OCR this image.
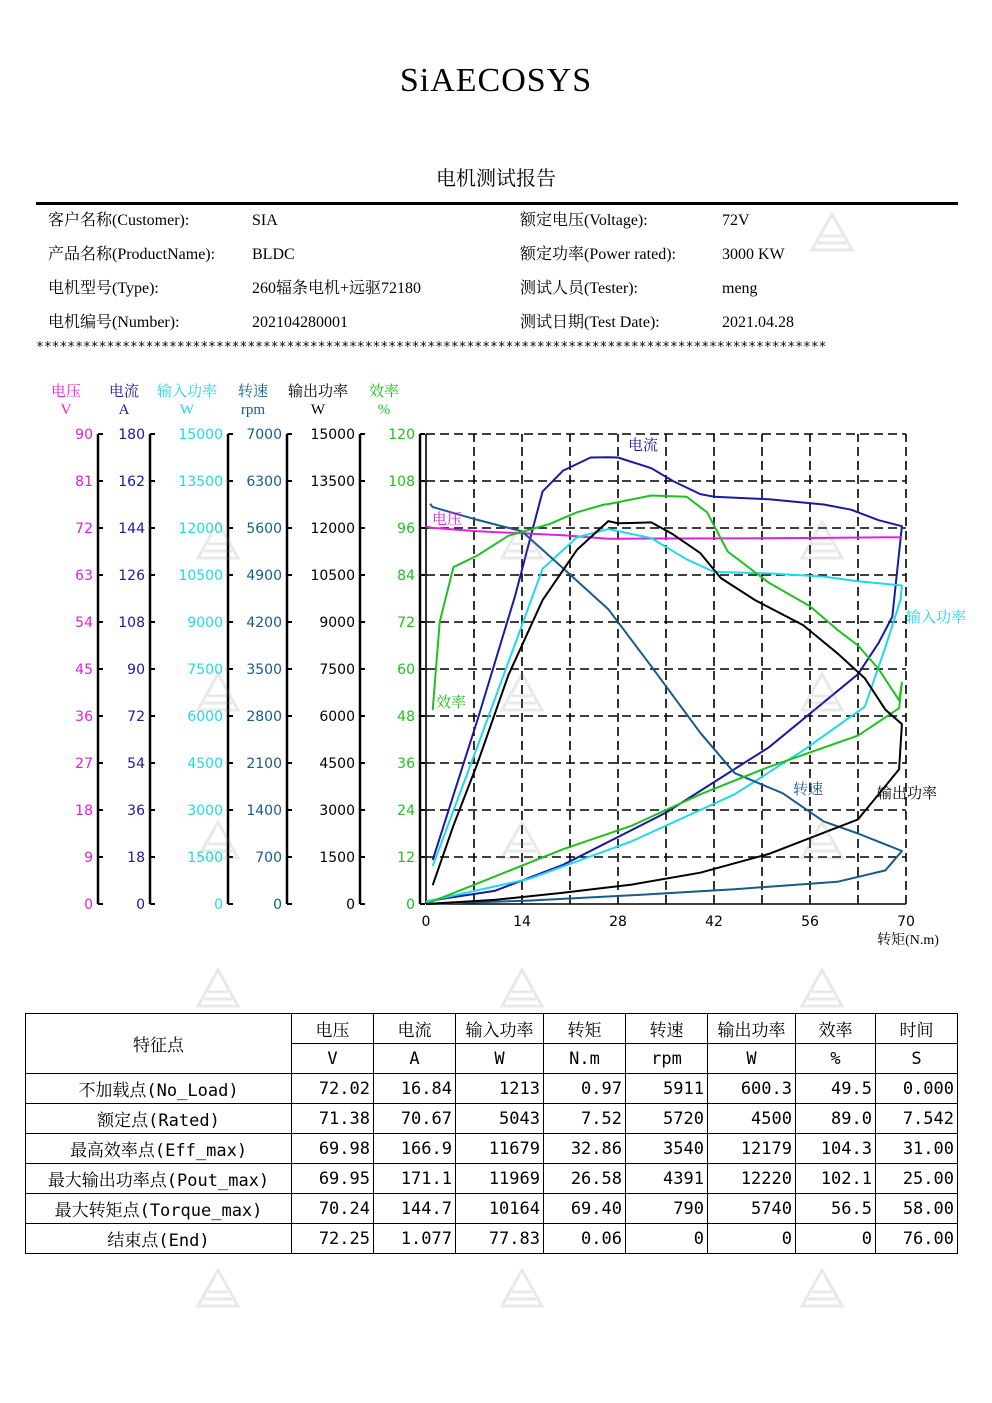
SiAECOSYS
电机测试报告
客户名称(Customer):	SIA	额定电压(Voltage):	72V
产品名称(ProductName): BLDC	额定功率(Power rated):	3000 KW
电机型号(Type):	260辐条电机+远驱72180	测试人员(Tester):	meng
电机编号(Number):	202104280001	测试日期(Test Date):	2021.04.28
*****************************************************************************************************
90
81
72
63
54
45
36
27
18
9
0
电压
V
180
162
144
126
108
90
72
54
36
18
0
电流
A
15000
13500
12000
10500
9000
7500
6000
4500
3000
1500
0
输入功率
W
7000
6300
5600
4900
4200
3500
2800
2100
1400
700
0
转速
rpm
15000
13500
12000
10500
9000
7500
6000
4500
3000
1500
0
输出功率
W
120
108
96
84
72
60
48
36
24
12
0
效率
%
0	14	28	42	56	70
转矩(N.m)
电流
电压
输入功率
效率
转速	输出功率
特征点	电压	电流	输入功率	转矩	转速	输出功率	效率	时间
	V	A	W	N.m	rpm	W	%	S
不加载点(No_Load)	72.02	16.84	1213	0.97	5911	600.3	49.5	0.000
额定点(Rated)	71.38	70.67	5043	7.52	5720	4500	89.0	7.542
最高效率点(Eff_max)	69.98	166.9	11679	32.86	3540	12179	104.3	31.00
最大输出功率点(Pout_max)	69.95	171.1	11969	26.58	4391	12220	102.1	25.00
最大转矩点(Torque_max)	70.24	144.7	10164	69.40	790	5740	56.5	58.00
结束点(End)	72.25	1.077	77.83	0.06	0	0	0	76.00
